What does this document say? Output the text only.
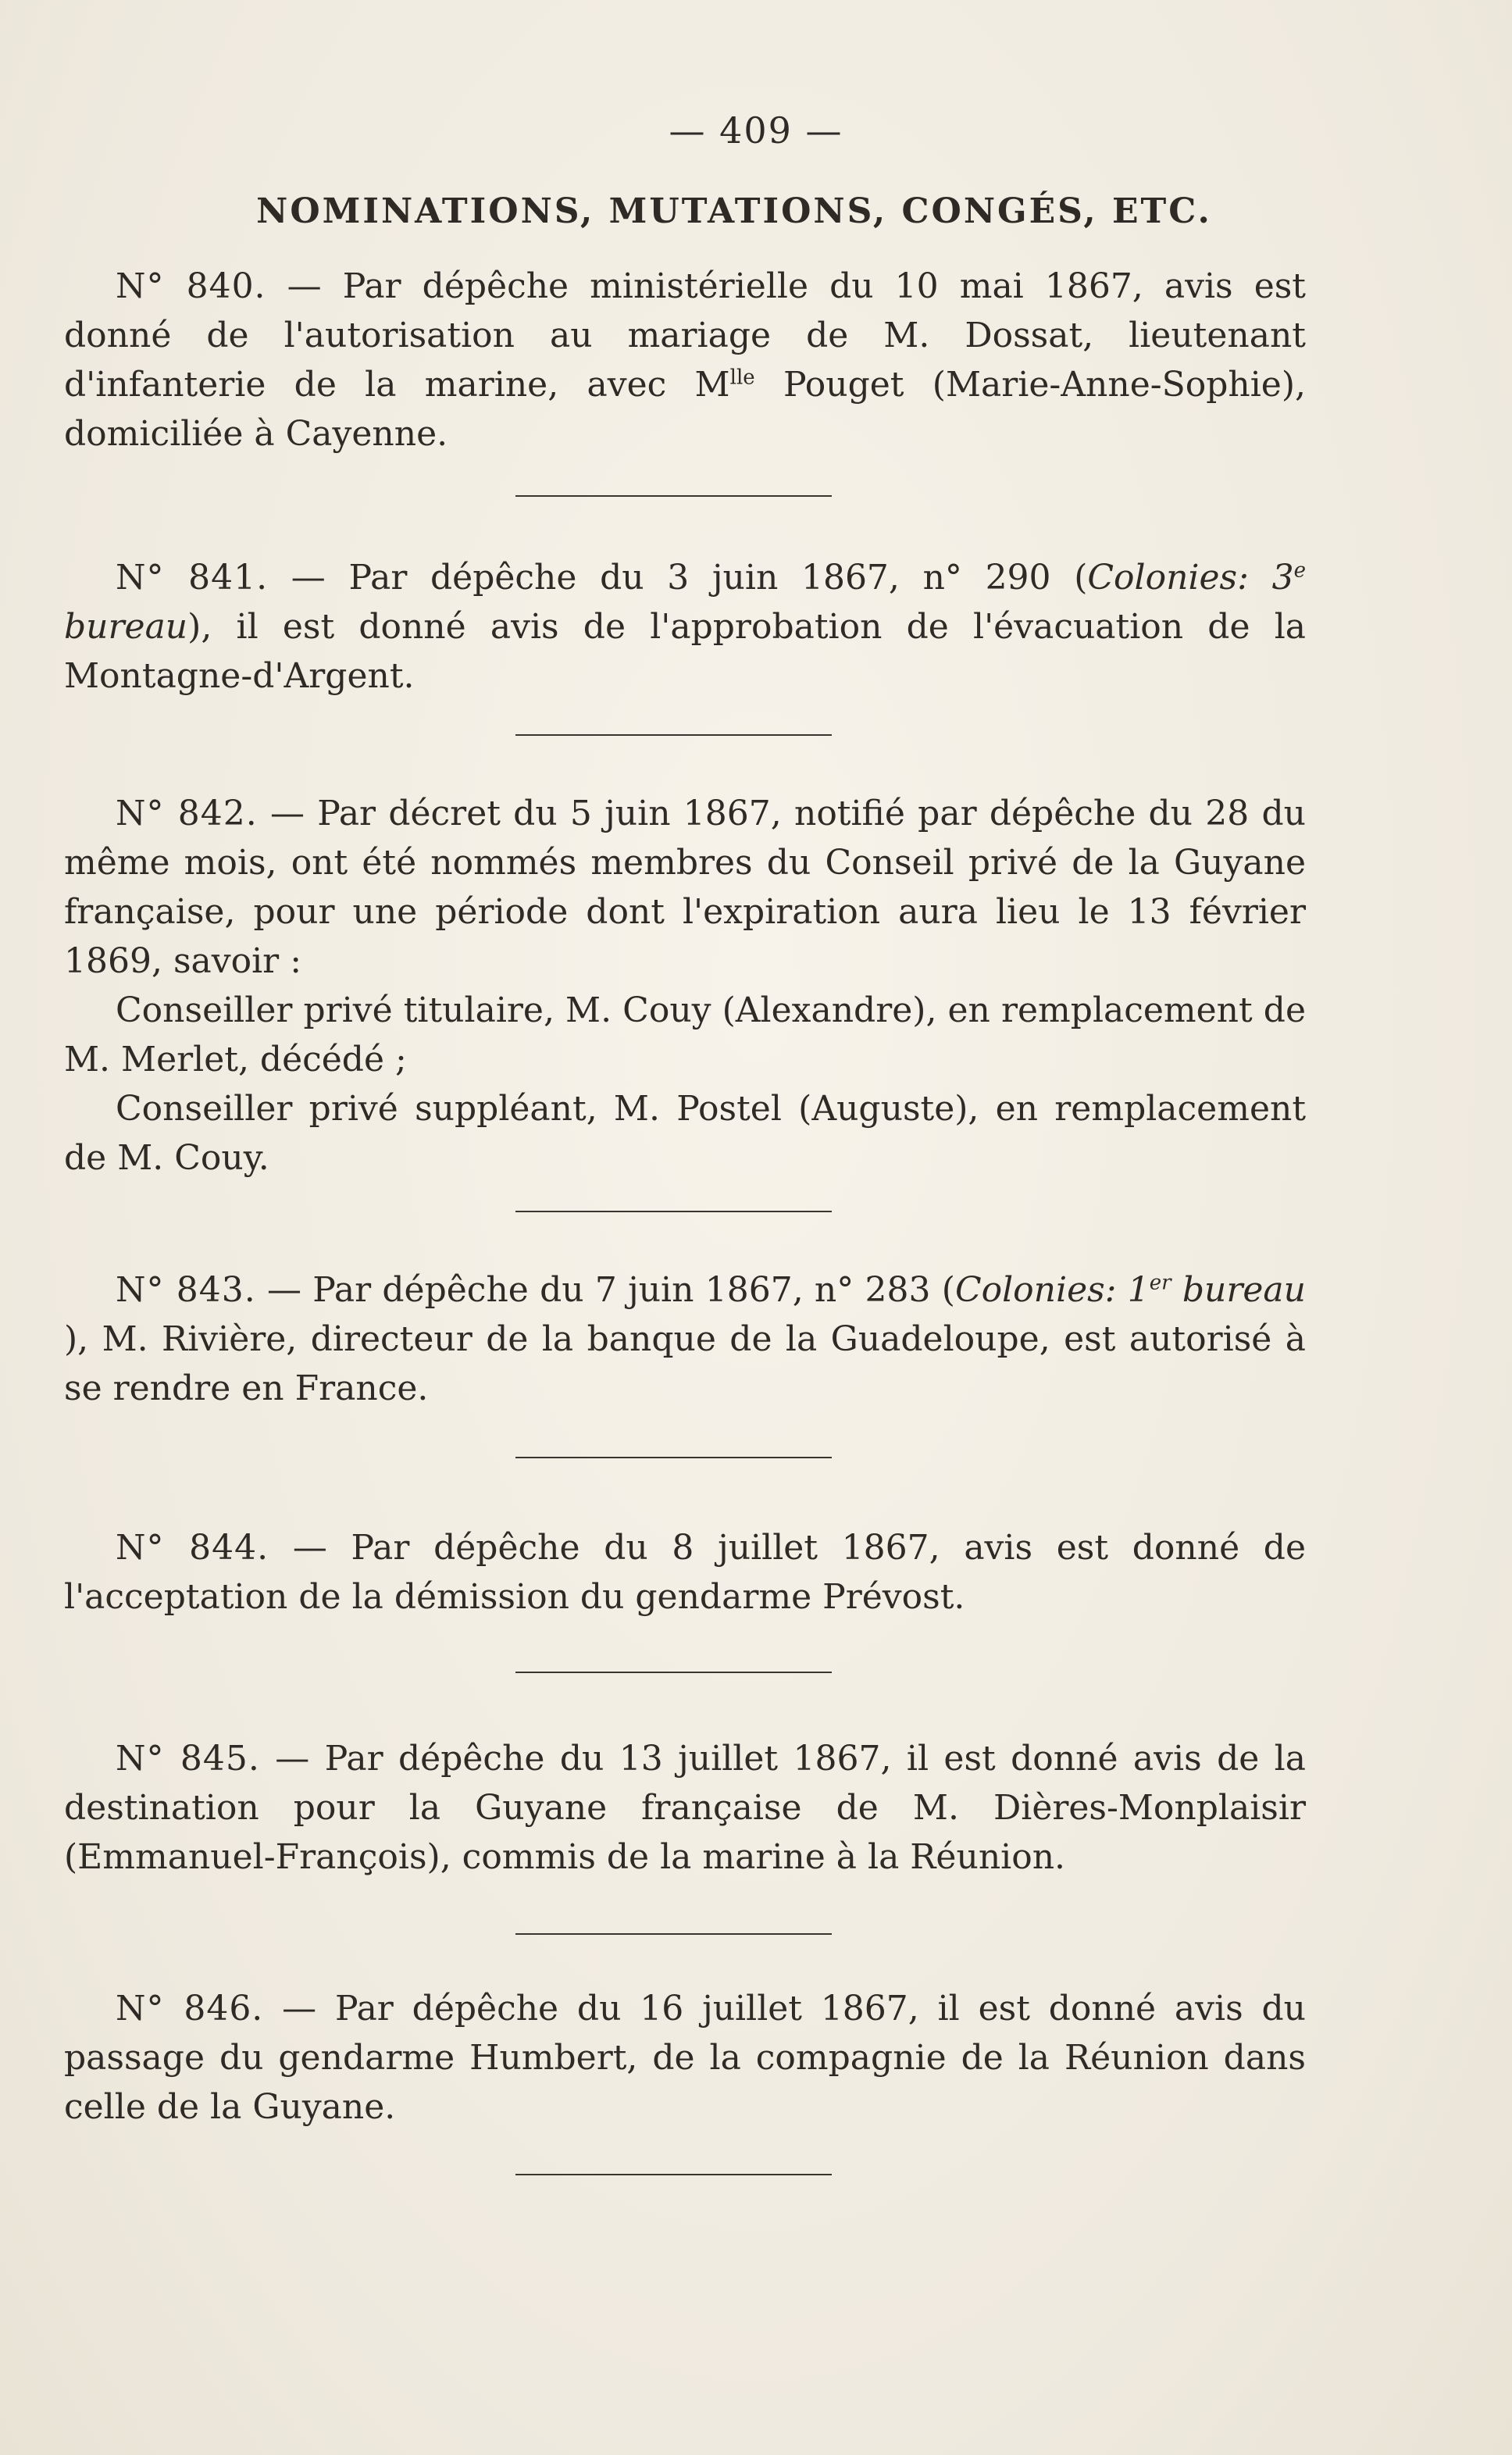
— 409 —
NOMINATIONS, MUTATIONS, CONGÉS, ETC.

N° 840. — Par dépêche ministérielle du 10 mai 1867, avis est donné de l'autorisation au mariage de M. Dossat, lieutenant d'infanterie de la marine, avec $M^{lle}$ Pouget (Marie-Anne-Sophie), domiciliée à Cayenne.

N° 841. — Par dépêche du 3 juin 1867, n° 290 (Colonies: 3e bureau), il est donné avis de l'approbation de l'évacuation de la Montagne-d'Argent.

N° 842. — Par décret du 5 juin 1867, notifié par dépêche du 28 du même mois, ont été nommés membres du Conseil privé de la Guyane française, pour une période dont l'expiration aura lieu le 13 février 1869, savoir :

Conseiller privé titulaire, M. Couy (Alexandre), en remplacement de M. Merlet, décédé ;

Conseiller privé suppléant, M. Postel (Auguste), en remplacement de M. Couy.

N° 843. — Par dépêche du 7 juin 1867, n° 283 (Colonies: 1er bureau ), M. Rivière, directeur de la banque de la Guadeloupe, est autorisé à se rendre en France.

N° 844. — Par dépêche du 8 juillet 1867, avis est donné de l'acceptation de la démission du gendarme Prévost.

N° 845. — Par dépêche du 13 juillet 1867, il est donné avis de la destination pour la Guyane française de M. Dières-Monplaisir (Emmanuel-François), commis de la marine à la Réunion.

N° 846. — Par dépêche du 16 juillet 1867, il est donné avis du passage du gendarme Humbert, de la compagnie de la Réunion dans celle de la Guyane.
